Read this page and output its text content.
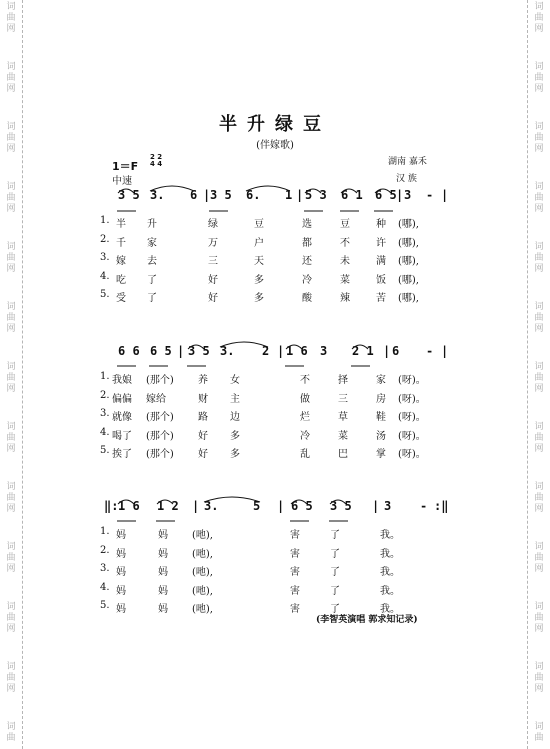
词	词
曲	曲
网	网
词	词
曲	曲
网	网
词	词
曲	曲
网	网
词	词
曲	曲
网	网
词	词
曲	曲
网	网
词	词
曲	曲
网	网
词	词
曲	曲
网	网
词	词
曲	曲
网	网
词	词
曲	曲
网	网
词	词
曲	曲
网	网
词	词
曲	曲
网	网
词	词
曲	曲
网	网
词	词
曲	曲
半升绿豆
(伴嫁歌)
1＝F
2 2
4 4
中速
湖南 嘉禾
汉 族
3 5 3. 6 | 3 5 6. 1 | 5 3 6 1 6 5 | 3 - |
1. 半 升	绿	豆	选	豆	种 (哪),
2. 千 家	万	户	都	不	许 (哪),
3. 嫁 去	三	天	还	未	满 (哪),
4. 吃 了	好	多	冷	菜	饭 (哪),
5. 受 了	好	多	酸	辣	苦 (哪),
6 6 6 5 | 3 5 3. 2 | 1 6 3 2 1 | 6 - |
1. 我娘 (那个) 养 女	不	择	家 (呀)。
2. 偏偏 嫁给	财 主	做	三	房 (呀)。
3. 就像 (那个) 路 边	烂	草	鞋 (呀)。
4. 喝了 (那个) 好 多	冷	菜	汤 (呀)。
5. 挨了 (那个) 好 多	乱	巴	掌 (呀)。
‖: 1 6 1 2 | 3.	5 | 6 5 3 5 | 3 - :‖
1. 妈	妈 (吔),	害	了	我。
2. 妈	妈 (吔),	害	了	我。
3. 妈	妈 (吔),	害	了	我。
4. 妈	妈 (吔),	害	了	我。
5. 妈	妈 (吔),	害	了	我。
(李智英演唱 郭求知记录)
